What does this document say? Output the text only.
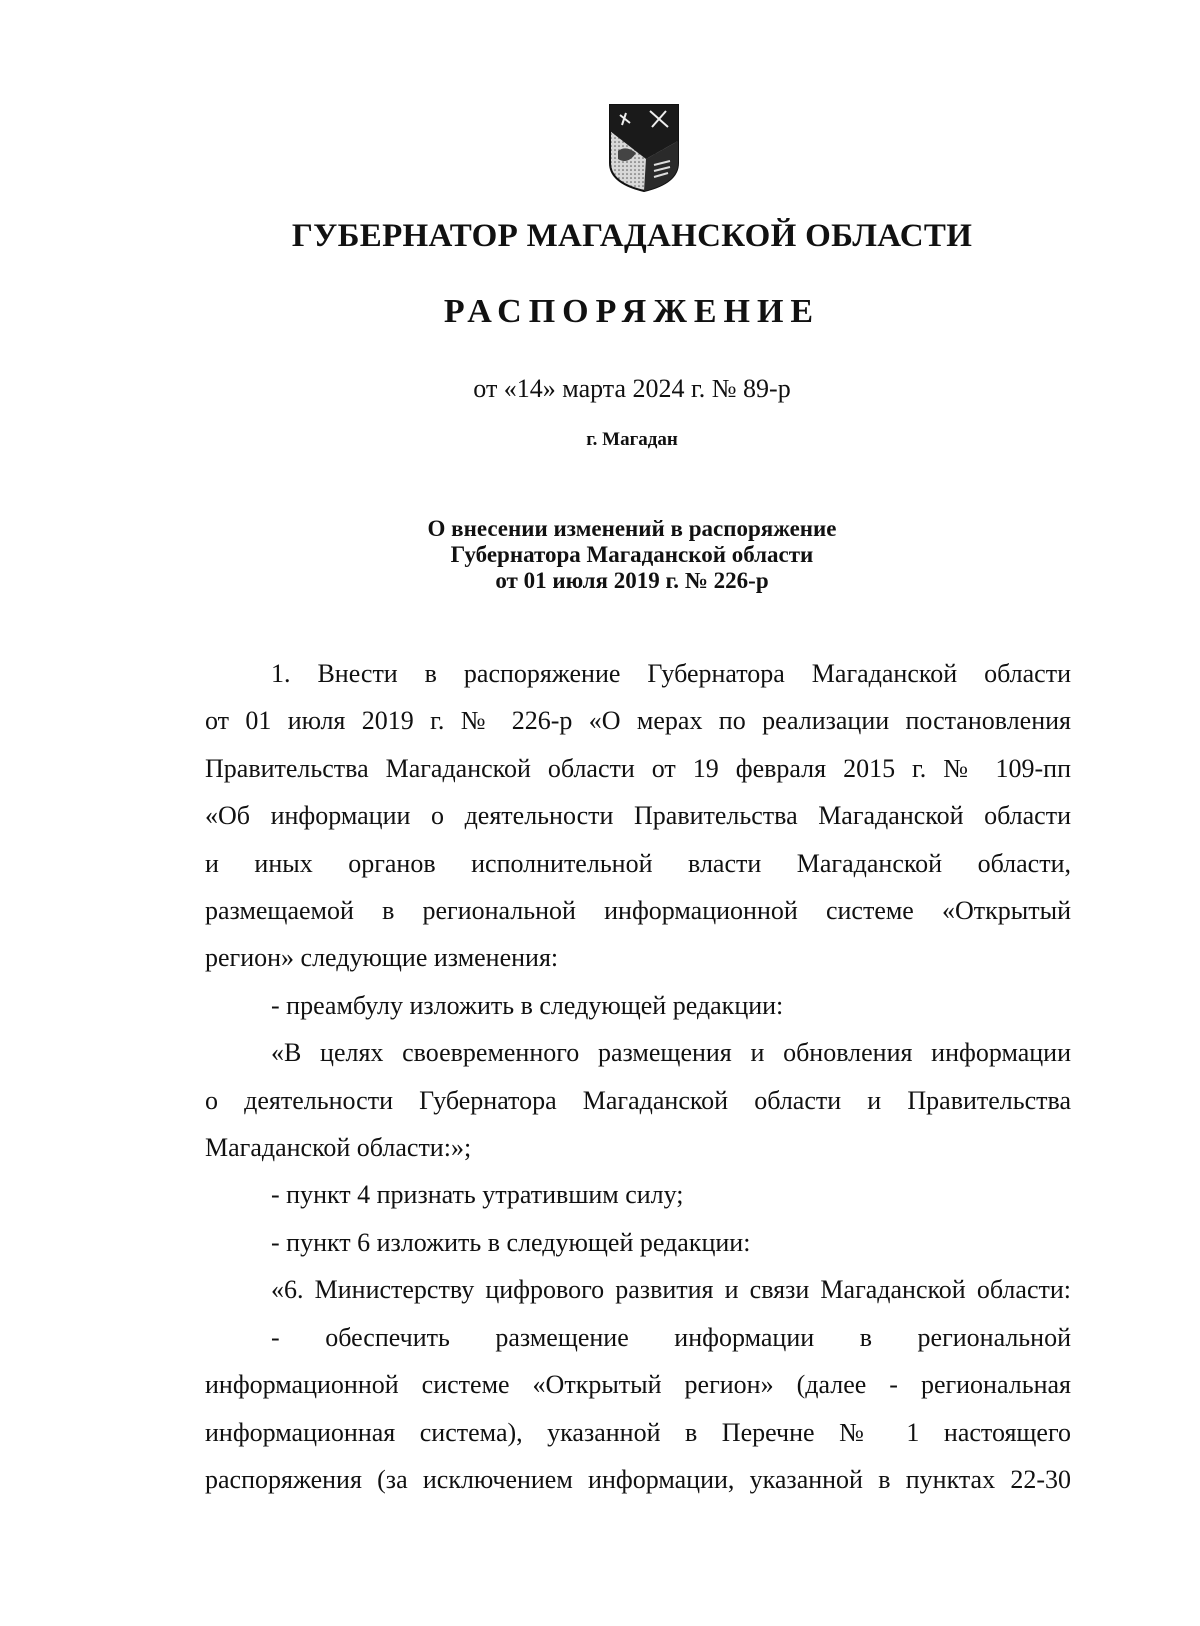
ГУБЕРНАТОР МАГАДАНСКОЙ ОБЛАСТИ
РАСПОРЯЖЕНИЕ
от «14» марта 2024 г. № 89-р
г. Магадан
О внесении изменений в распоряжение
Губернатора Магаданской области
от 01 июля 2019 г. № 226-р

1. Внести в распоряжение Губернатора Магаданской области

от 01 июля 2019 г. № 226-р «О мерах по реализации постановления

Правительства Магаданской области от 19 февраля 2015 г. № 109-пп

«Об информации о деятельности Правительства Магаданской области

и иных органов исполнительной власти Магаданской области,

размещаемой в региональной информационной системе «Открытый

регион» следующие изменения:

- преамбулу изложить в следующей редакции:

«В целях своевременного размещения и обновления информации

о деятельности Губернатора Магаданской области и Правительства

Магаданской области:»;

- пункт 4 признать утратившим силу;

- пункт 6 изложить в следующей редакции:

«6. Министерству цифрового развития и связи Магаданской области:

- обеспечить размещение информации в региональной

информационной системе «Открытый регион» (далее - региональная

информационная система), указанной в Перечне № 1 настоящего

распоряжения (за исключением информации, указанной в пунктах 22-30
